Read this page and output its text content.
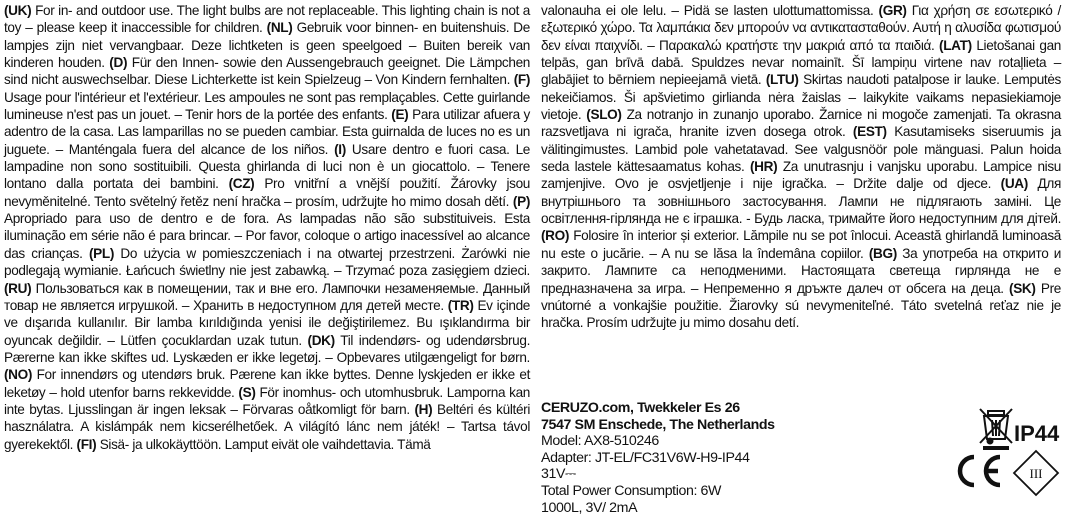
(UK) For in- and outdoor use. The light bulbs are not replaceable. This lighting chain is not a toy – please keep it inaccessible for children. (NL) Gebruik voor binnen- en buitenshuis. De lampjes zijn niet vervangbaar. Deze lichtketen is geen speelgoed – Buiten bereik van kinderen houden. (D) Für den Innen- sowie den Aussengebrauch geeignet. Die Lämpchen sind nicht auswechselbar. Diese Lichterkette ist kein Spielzeug – Von Kindern fernhalten. (F) Usage pour l'intérieur et l'extérieur. Les ampoules ne sont pas remplaçables. Cette guirlande lumineuse n'est pas un jouet. – Tenir hors de la portée des enfants. (E) Para utilizar afuera y adentro de la casa. Las lamparillas no se pueden cambiar. Esta guirnalda de luces no es un juguete. – Manténgala fuera del alcance de los niños. (I) Usare dentro e fuori casa. Le lampadine non sono sostituibili. Questa ghirlanda di luci non è un giocattolo. – Tenere lontano dalla portata dei bambini. (CZ) Pro vnitřní a vnější použití. Žárovky jsou nevyměnitelné. Tento světelný řetěz není hračka – prosím, udržujte ho mimo dosah dětí. (P) Apropriado para uso de dentro e de fora. As lampadas não são substituiveis. Esta iluminação em série não é para brincar. – Por favor, coloque o artigo inacessível ao alcance das crianças. (PL) Do użycia w pomieszczeniach i na otwartej przestrzeni. Żarówki nie podlegają wymianie. Łańcuch świetlny nie jest zabawką. – Trzymać poza zasięgiem dzieci. (RU) Пользоваться как в помещении, так и вне его. Лампочки незаменяемые. Данный товар не является игрушкой. – Хранить в недоступном для детей месте. (TR) Ev içinde ve dışarıda kullanılır. Bir lamba kırıldığında yenisi ile değiştirilemez. Bu ışıklandırma bir oyuncak değildir. – Lütfen çocuklardan uzak tutun. (DK) Til indendørs- og udendørsbrug. Pærerne kan ikke skiftes ud. Lyskæden er ikke legetøj. – Opbevares utilgængeligt for børn. (NO) For innendørs og utendørs bruk. Pærene kan ikke byttes. Denne lyskjeden er ikke et leketøy – hold utenfor barns rekkevidde. (S) För inomhus- och utomhusbruk. Lamporna kan inte bytas. Ljusslingan är ingen leksak – Förvaras oåtkomligt för barn. (H) Beltéri és kültéri használatra. A kislámpák nem kicserélhetőek. A világító lánc nem játék! – Tartsa távol gyerekektől. (FI) Sisä- ja ulkokäyttöön. Lamput eivät ole vaihdettavia. Tämä
valonauha ei ole lelu. – Pidä se lasten ulottumattomissa. (GR) Για χρήση σε εσωτερικό / εξωτερικό χώρο. Τα λαμπάκια δεν μπορούν να αντικατασταθούν. Αυτή η αλυσίδα φωτισμού δεν είναι παιχνίδι. – Παρακαλώ κρατήστε την μακριά από τα παιδιά. (LAT) Lietošanai gan telpās, gan brīvā dabā. Spuldzes nevar nomainīt. Šī lampiņu virtene nav rotaļlieta – glabājiet to bērniem nepieejamā vietā. (LTU) Skirtas naudoti patalpose ir lauke. Lemputės nekeičiamos. Ši apšvietimo girlianda nėra žaislas – laikykite vaikams nepasiekiamoje vietoje. (SLO) Za notranjo in zunanjo uporabo. Žarnice ni mogoče zamenjati. Ta okrasna razsvetljava ni igrača, hranite izven dosega otrok. (EST) Kasutamiseks siseruumis ja välitingimustes. Lambid pole vahetatavad. See valgusnöör pole mänguasi. Palun hoida seda lastele kättesaamatus kohas. (HR) Za unutrasnju i vanjsku uporabu. Lampice nisu zamjenjive. Ovo je osvjetljenje i nije igračka. – Držite dalje od djece. (UA) Для внутрішнього та зовнішнього застосування. Лампи не підлягають заміні. Це освітлення-гірлянда не є іграшка. - Будь ласка, тримайте його недоступним для дітей. (RO) Folosire în interior și exterior. Lămpile nu se pot înlocui. Această ghirlandă luminoasă nu este o jucărie. – A nu se lăsa la îndemâna copiilor. (BG) За употреба на открито и закрито. Лампите са неподменими. Настоящата светеща гирлянда не е предназначена за игра. – Непременно я дръжте далеч от обсега на деца. (SK) Pre vnútorné a vonkajšie použitie. Žiarovky sú nevymeniteľné. Táto svetelná reťaz nie je hračka. Prosím udržujte ju mimo dosahu detí.
CERUZO.com, Twekkeler Es 26
7547 SM Enschede, The Netherlands
Model: AX8-510246
Adapter: JT-EL/FC31V6W-H9-IP44
31V⎓
Total Power Consumption: 6W
1000L, 3V/ 2mA
IP44
III
